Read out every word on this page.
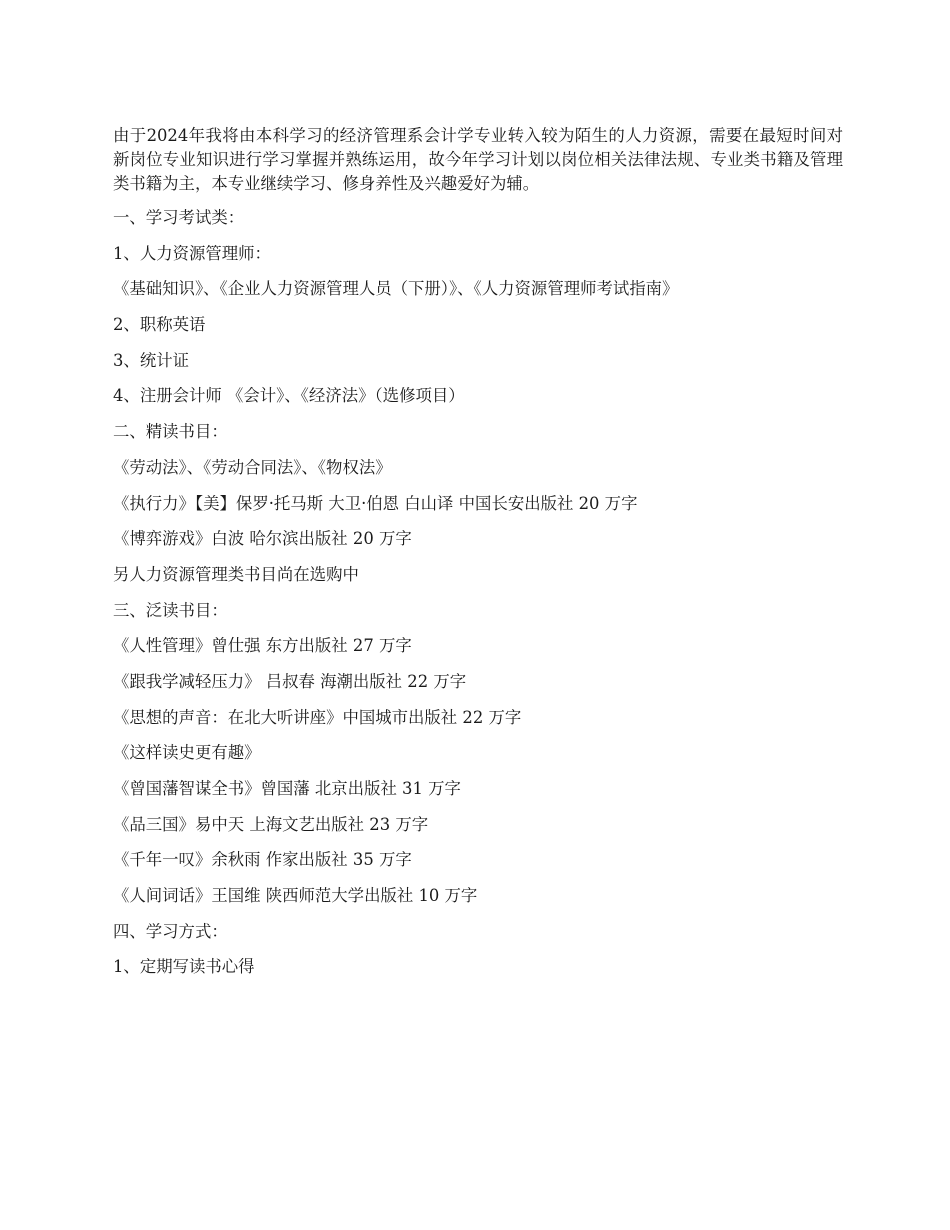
由于2024年我将由本科学习的经济管理系会计学专业转入较为陌生的人力资源，需要在最短时间对新岗位专业知识进行学习掌握并熟练运用，故今年学习计划以岗位相关法律法规、专业类书籍及管理类书籍为主，本专业继续学习、修身养性及兴趣爱好为辅。

一、学习考试类：
1、人力资源管理师：
《基础知识》、《企业人力资源管理人员（下册）》、《人力资源管理师考试指南》
2、职称英语
3、统计证
4、注册会计师 《会计》、《经济法》（选修项目）
二、精读书目：
《劳动法》、《劳动合同法》、《物权法》
《执行力》【美】保罗·托马斯 大卫·伯恩 白山译 中国长安出版社 20 万字
《博弈游戏》白波 哈尔滨出版社 20 万字
另人力资源管理类书目尚在选购中
三、泛读书目：
《人性管理》曾仕强 东方出版社 27 万字
《跟我学减轻压力》 吕叔春 海潮出版社 22 万字
《思想的声音：在北大听讲座》中国城市出版社 22 万字
《这样读史更有趣》
《曾国藩智谋全书》曾国藩 北京出版社 31 万字
《品三国》易中天 上海文艺出版社 23 万字
《千年一叹》余秋雨 作家出版社 35 万字
《人间词话》王国维 陕西师范大学出版社 10 万字
四、学习方式：
1、定期写读书心得
